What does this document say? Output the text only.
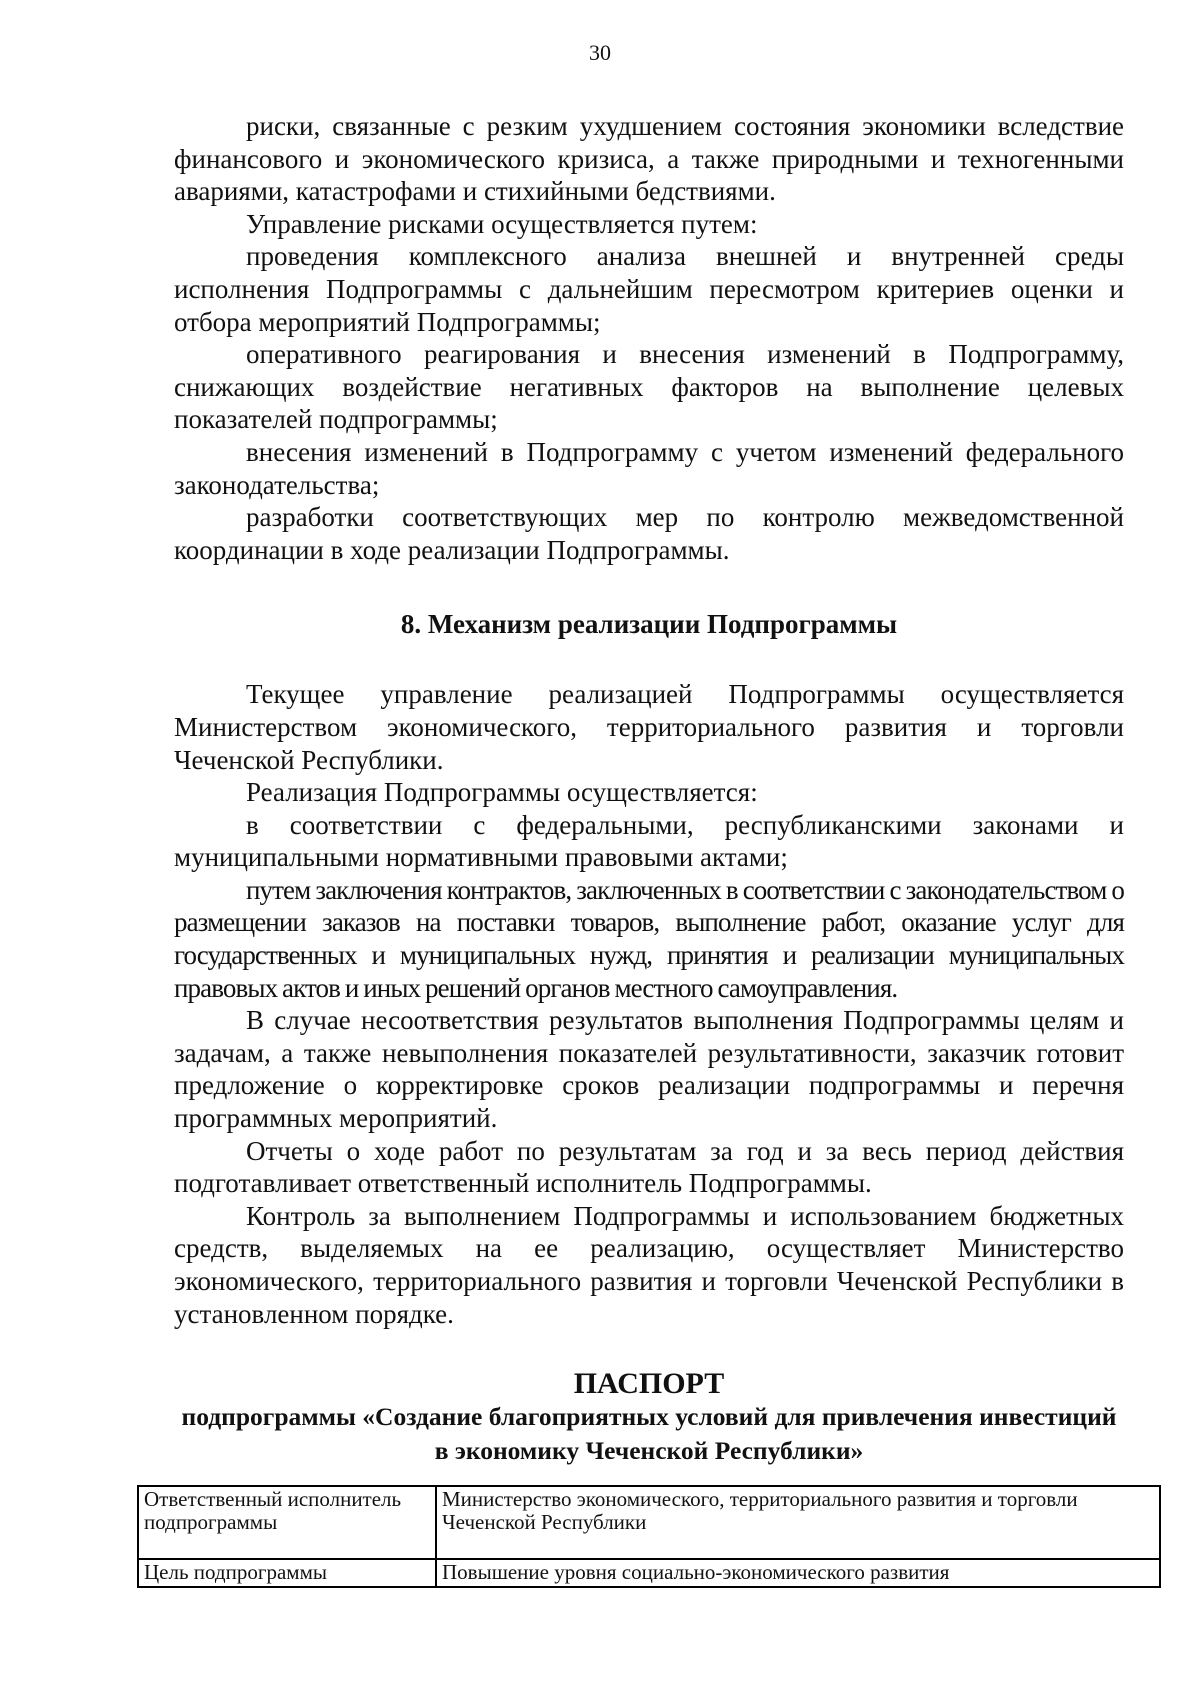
30

риски, связанные с резким ухудшением состояния экономики вследствие финансового и экономического кризиса, а также природными и техногенными авариями, катастрофами и стихийными бедствиями.

Управление рисками осуществляется путем:

проведения комплексного анализа внешней и внутренней среды исполнения Подпрограммы с дальнейшим пересмотром критериев оценки и отбора мероприятий Подпрограммы;

оперативного реагирования и внесения изменений в Подпрограмму, снижающих воздействие негативных факторов на выполнение целевых показателей подпрограммы;

внесения изменений в Подпрограмму с учетом изменений федерального законодательства;

разработки соответствующих мер по контролю межведомственной координации в ходе реализации Подпрограммы.

8. Механизм реализации Подпрограммы

Текущее управление реализацией Подпрограммы осуществляется Министерством экономического, территориального развития и торговли Чеченской Республики.

Реализация Подпрограммы осуществляется:

в соответствии с федеральными, республиканскими законами и муниципальными нормативными правовыми актами;

путем заключения контрактов, заключенных в соответствии с законодательством о размещении заказов на поставки товаров, выполнение работ, оказание услуг для государственных и муниципальных нужд, принятия и реализации муниципальных правовых актов и иных решений органов местного самоуправления.

В случае несоответствия результатов выполнения Подпрограммы целям и задачам, а также невыполнения показателей результативности, заказчик готовит предложение о корректировке сроков реализации подпрограммы и перечня программных мероприятий.

Отчеты о ходе работ по результатам за год и за весь период действия подготавливает ответственный исполнитель Подпрограммы.

Контроль за выполнением Подпрограммы и использованием бюджетных средств, выделяемых на ее реализацию, осуществляет Министерство экономического, территориального развития и торговли Чеченской Республики в установленном порядке.

ПАСПОРТ
подпрограммы «Создание благоприятных условий для привлечения инвестиций в экономику Чеченской Республики»
Ответственный исполнитель подпрограммы	Министерство экономического, территориального развития и торговли Чеченской Республики
Цель подпрограммы	Повышение уровня социально-экономического развития
